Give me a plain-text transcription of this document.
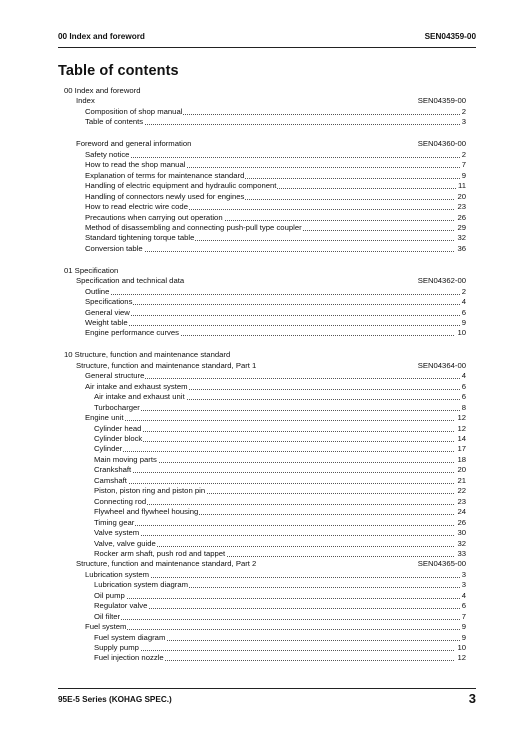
00 Index and foreword	SEN04359-00
Table of contents
00 Index and foreword
Index	SEN04359-00
Composition of shop manual	2
Table of contents	3
Foreword and general information	SEN04360-00
Safety notice	2
How to read the shop manual	7
Explanation of terms for maintenance standard	9
Handling of electric equipment and hydraulic component	11
Handling of connectors newly used for engines	20
How to read electric wire code	23
Precautions when carrying out operation	26
Method of disassembling and connecting push-pull type coupler	29
Standard tightening torque table	32
Conversion table	36
01 Specification
Specification and technical data	SEN04362-00
Outline	2
Specifications	4
General view	6
Weight table	9
Engine performance curves	10
10 Structure, function and maintenance standard
Structure, function and maintenance standard, Part 1	SEN04364-00
General structure	4
Air intake and exhaust system	6
Air intake and exhaust unit	6
Turbocharger	8
Engine unit	12
Cylinder head	12
Cylinder block	14
Cylinder	17
Main moving parts	18
Crankshaft	20
Camshaft	21
Piston, piston ring and piston pin	22
Connecting rod	23
Flywheel and flywheel housing	24
Timing gear	26
Valve system	30
Valve, valve guide	32
Rocker arm shaft, push rod and tappet	33
Structure, function and maintenance standard, Part 2	SEN04365-00
Lubrication system	3
Lubrication system diagram	3
Oil pump	4
Regulator valve	6
Oil filter	7
Fuel system	9
Fuel system diagram	9
Supply pump	10
Fuel injection nozzle	12
95E-5 Series (KOHAG SPEC.)	3
